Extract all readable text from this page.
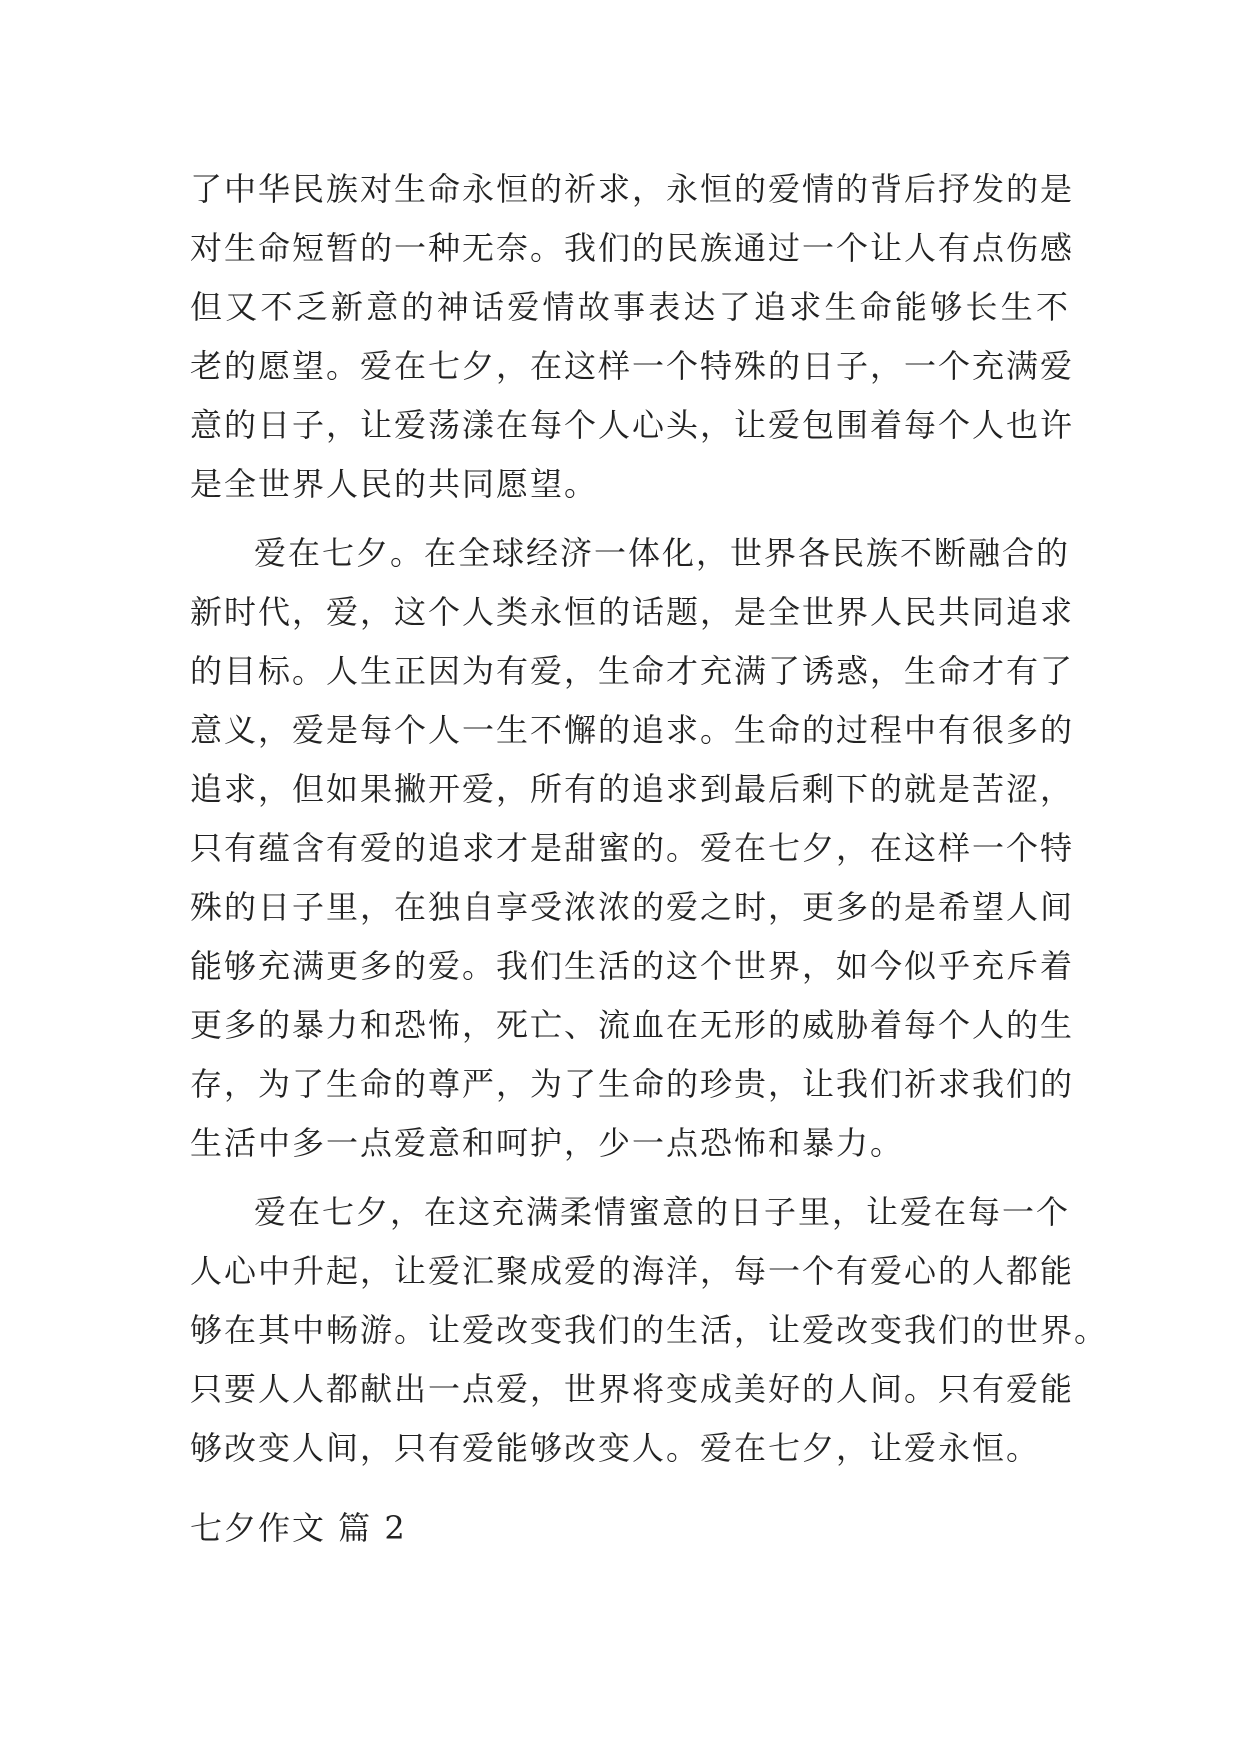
了中华民族对生命永恒的祈求，永恒的爱情的背后抒发的是
对生命短暂的一种无奈。我们的民族通过一个让人有点伤感
但又不乏新意的神话爱情故事表达了追求生命能够长生不
老的愿望。爱在七夕，在这样一个特殊的日子，一个充满爱
意的日子，让爱荡漾在每个人心头，让爱包围着每个人也许
是全世界人民的共同愿望。
爱在七夕。在全球经济一体化，世界各民族不断融合的
新时代，爱，这个人类永恒的话题，是全世界人民共同追求
的目标。人生正因为有爱，生命才充满了诱惑，生命才有了
意义，爱是每个人一生不懈的追求。生命的过程中有很多的
追求，但如果撇开爱，所有的追求到最后剩下的就是苦涩，
只有蕴含有爱的追求才是甜蜜的。爱在七夕，在这样一个特
殊的日子里，在独自享受浓浓的爱之时，更多的是希望人间
能够充满更多的爱。我们生活的这个世界，如今似乎充斥着
更多的暴力和恐怖，死亡、流血在无形的威胁着每个人的生
存，为了生命的尊严，为了生命的珍贵，让我们祈求我们的
生活中多一点爱意和呵护，少一点恐怖和暴力。
爱在七夕，在这充满柔情蜜意的日子里，让爱在每一个
人心中升起，让爱汇聚成爱的海洋，每一个有爱心的人都能
够在其中畅游。让爱改变我们的生活，让爱改变我们的世界。
只要人人都献出一点爱，世界将变成美好的人间。只有爱能
够改变人间，只有爱能够改变人。爱在七夕，让爱永恒。
七夕作文 篇 2
